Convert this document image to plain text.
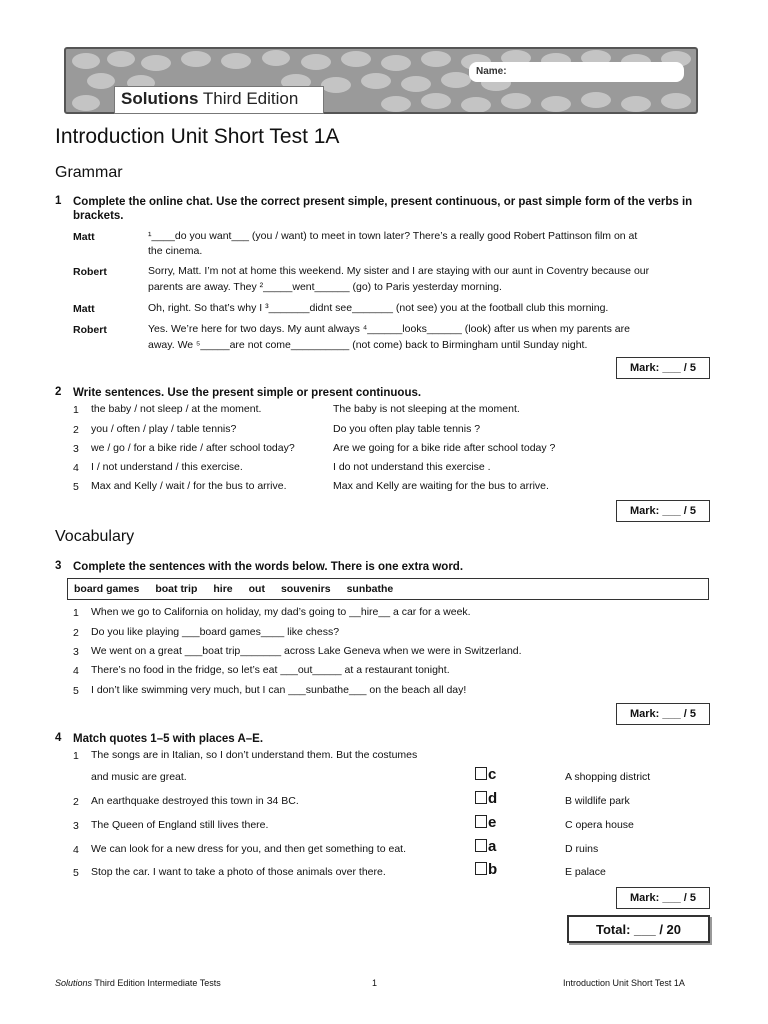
Solutions Third Edition
Name:
Introduction Unit Short Test 1A
Grammar
1 Complete the online chat. Use the correct present simple, present continuous, or past simple form of the verbs in brackets.
Matt	¹____do you want___ (you / want) to meet in town later? There’s a really good Robert Pattinson film on at
the cinema.
Robert	Sorry, Matt. I’m not at home this weekend. My sister and I are staying with our aunt in Coventry because our
parents are away. They ²_____went______ (go) to Paris yesterday morning.
Matt	Oh, right. So that’s why I ³_______didnt see_______ (not see) you at the football club this morning.
Robert	Yes. We’re here for two days. My aunt always ⁴______looks______ (look) after us when my parents are
away. We ⁵_____are not come__________ (not come) back to Birmingham until Sunday night.
Mark: ___ / 5
2 Write sentences. Use the present simple or present continuous.
1 the baby / not sleep / at the moment.	The baby is not sleeping at the moment.
2 you / often / play / table tennis?	Do you often play table tennis ?
3 we / go / for a bike ride / after school today?	Are we going for a bike ride after school today ?
4 I / not understand / this exercise.	I do not understand this exercise .
5 Max and Kelly / wait / for the bus to arrive.	Max and Kelly are waiting for the bus to arrive.
Mark: ___ / 5
Vocabulary
3 Complete the sentences with the words below. There is one extra word.
board games boat trip hire out souvenirs sunbathe
1 When we go to California on holiday, my dad’s going to __hire__ a car for a week.
2 Do you like playing ___board games____ like chess?
3 We went on a great ___boat trip_______ across Lake Geneva when we were in Switzerland.
4 There’s no food in the fridge, so let’s eat ___out_____ at a restaurant tonight.
5 I don’t like swimming very much, but I can ___sunbathe___ on the beach all day!
Mark: ___ / 5
4 Match quotes 1–5 with places A–E.
1 The songs are in Italian, so I don’t understand them. But the costumes
and music are great.	c	A shopping district
2 An earthquake destroyed this town in 34 BC.	d	B wildlife park
3 The Queen of England still lives there.	e	C opera house
4 We can look for a new dress for you, and then get something to eat.	a	D ruins
5 Stop the car. I want to take a photo of those animals over there.	b	E palace
Mark: ___ / 5
Total: ___ / 20
Solutions Third Edition Intermediate Tests	1	Introduction Unit Short Test 1A
